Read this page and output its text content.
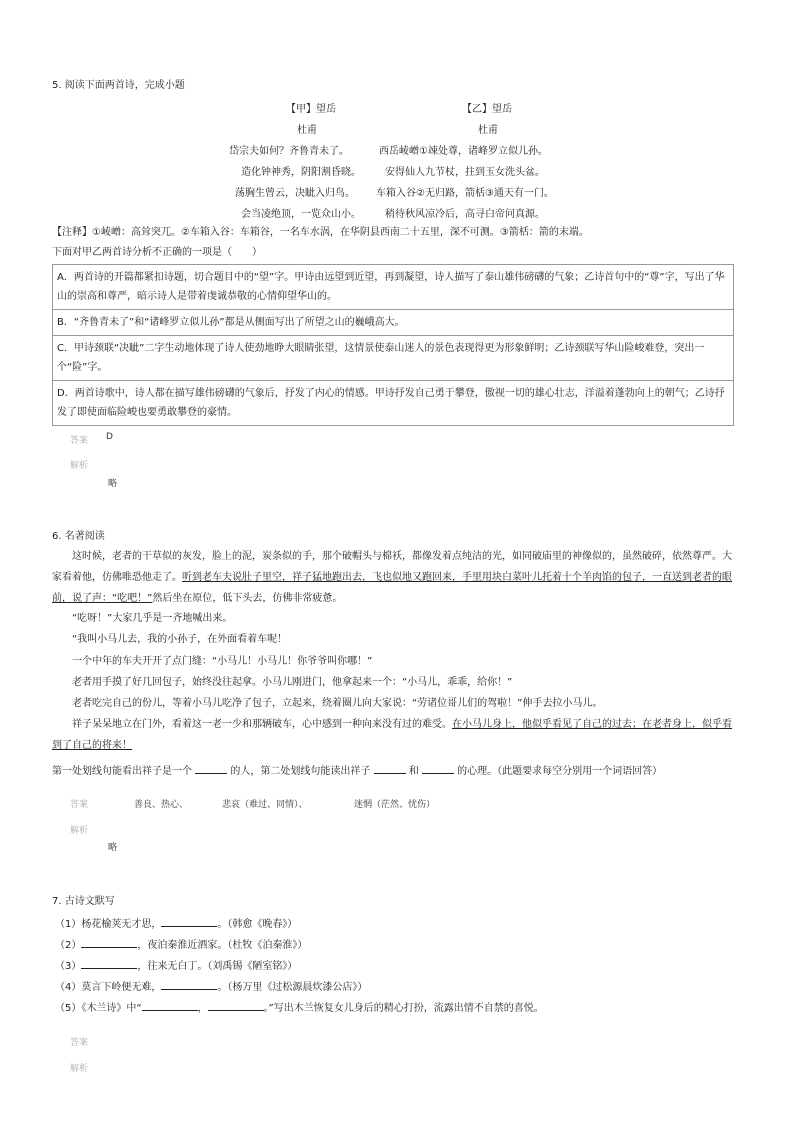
5. 阅读下面两首诗，完成小题
【甲】望岳	【乙】望岳
杜甫	杜甫
岱宗夫如何？齐鲁青未了。	西岳崚嶒①竦处尊，诸峰罗立似儿孙。
造化钟神秀，阴阳割昏晓。 安得仙人九节杖，拄到玉女洗头盆。
荡胸生曾云，决眦入归鸟。 车箱入谷②无归路，箭栝③通天有一门。
会当凌绝顶，一览众山小。 稍待秋风凉冷后，高寻白帝问真源。
【注释】①崚嶒：高耸突兀。②车箱入谷：车箱谷，一名车水涡，在华阴县西南二十五里，深不可测。③箭栝：箭的末端。
下面对甲乙两首诗分析不正确的一项是（　　）
A．两首诗的开篇都紧扣诗题，切合题目中的“望”字。甲诗由远望到近望，再到凝望，诗人描写了泰山雄伟磅礴的气象；乙诗首句中的“尊”字，写出了华山的崇高和尊严，暗示诗人是带着虔诚恭敬的心情仰望华山的。
B．“齐鲁青未了”和“诸峰罗立似儿孙”都是从侧面写出了所望之山的巍峨高大。
C．甲诗颈联“决眦”二字生动地体现了诗人使劲地睁大眼睛张望，这情景使泰山迷人的景色表现得更为形象鲜明；乙诗颈联写华山险峻难登，突出一个“险”字。
D．两首诗歌中，诗人都在描写雄伟磅礴的气象后，抒发了内心的情感。甲诗抒发自己勇于攀登，傲视一切的雄心壮志，洋溢着蓬勃向上的朝气；乙诗抒发了即使面临险峻也要勇敢攀登的豪情。
答案 D
解析
略
6. 名著阅读
这时候，老者的干草似的灰发，脸上的泥，炭条似的手，那个破帽头与棉袄，都像发着点纯洁的光，如同破庙里的神像似的，虽然破碎，依然尊严。大家看着他，仿佛唯恐他走了。听到老车夫说肚子里空，祥子猛地跑出去，飞也似地又跑回来，手里用块白菜叶儿托着十个羊肉馅的包子，一直送到老者的眼前，说了声：“吃吧！”然后坐在原位，低下头去，仿佛非常疲惫。
“吃呀！”大家几乎是一齐地喊出来。
“我叫小马儿去，我的小孙子，在外面看着车呢！
一个中年的车夫开开了点门缝：“小马儿！小马儿！你爷爷叫你哪！”
老者用手摸了好几回包子，始终没往起拿。小马儿刚进门，他拿起来一个：“小马儿，乖乖，给你！”
老者吃完自己的份儿，等着小马儿吃净了包子，立起来，绕着圈儿向大家说：“劳诸位哥儿们的驾啦！”伸手去拉小马儿。
祥子呆呆地立在门外，看着这一老一少和那辆破车，心中感到一种向来没有过的难受。在小马儿身上，他似乎看见了自己的过去；在老者身上，似乎看到了自己的将来！
第一处划线句能看出祥子是一个	的人，第二处划线句能读出祥子	和	的心理。（此题要求每空分别用一个词语回答）
答案	善良、热心、	悲哀（难过、同情）、	迷惘（茫然、忧伤）
解析
略
7. 古诗文默写
（1）杨花榆荚无才思，	。（韩愈《晚春》）
（2）	，夜泊秦淮近酒家。（杜牧《泊秦淮》）
（3）	，往来无白丁。（刘禹锡《陋室铭》）
（4）莫言下岭便无难，	。（杨万里《过松源晨炊漆公店》）
（5）《木兰诗》中“	，	。”写出木兰恢复女儿身后的精心打扮，流露出情不自禁的喜悦。
答案
解析
